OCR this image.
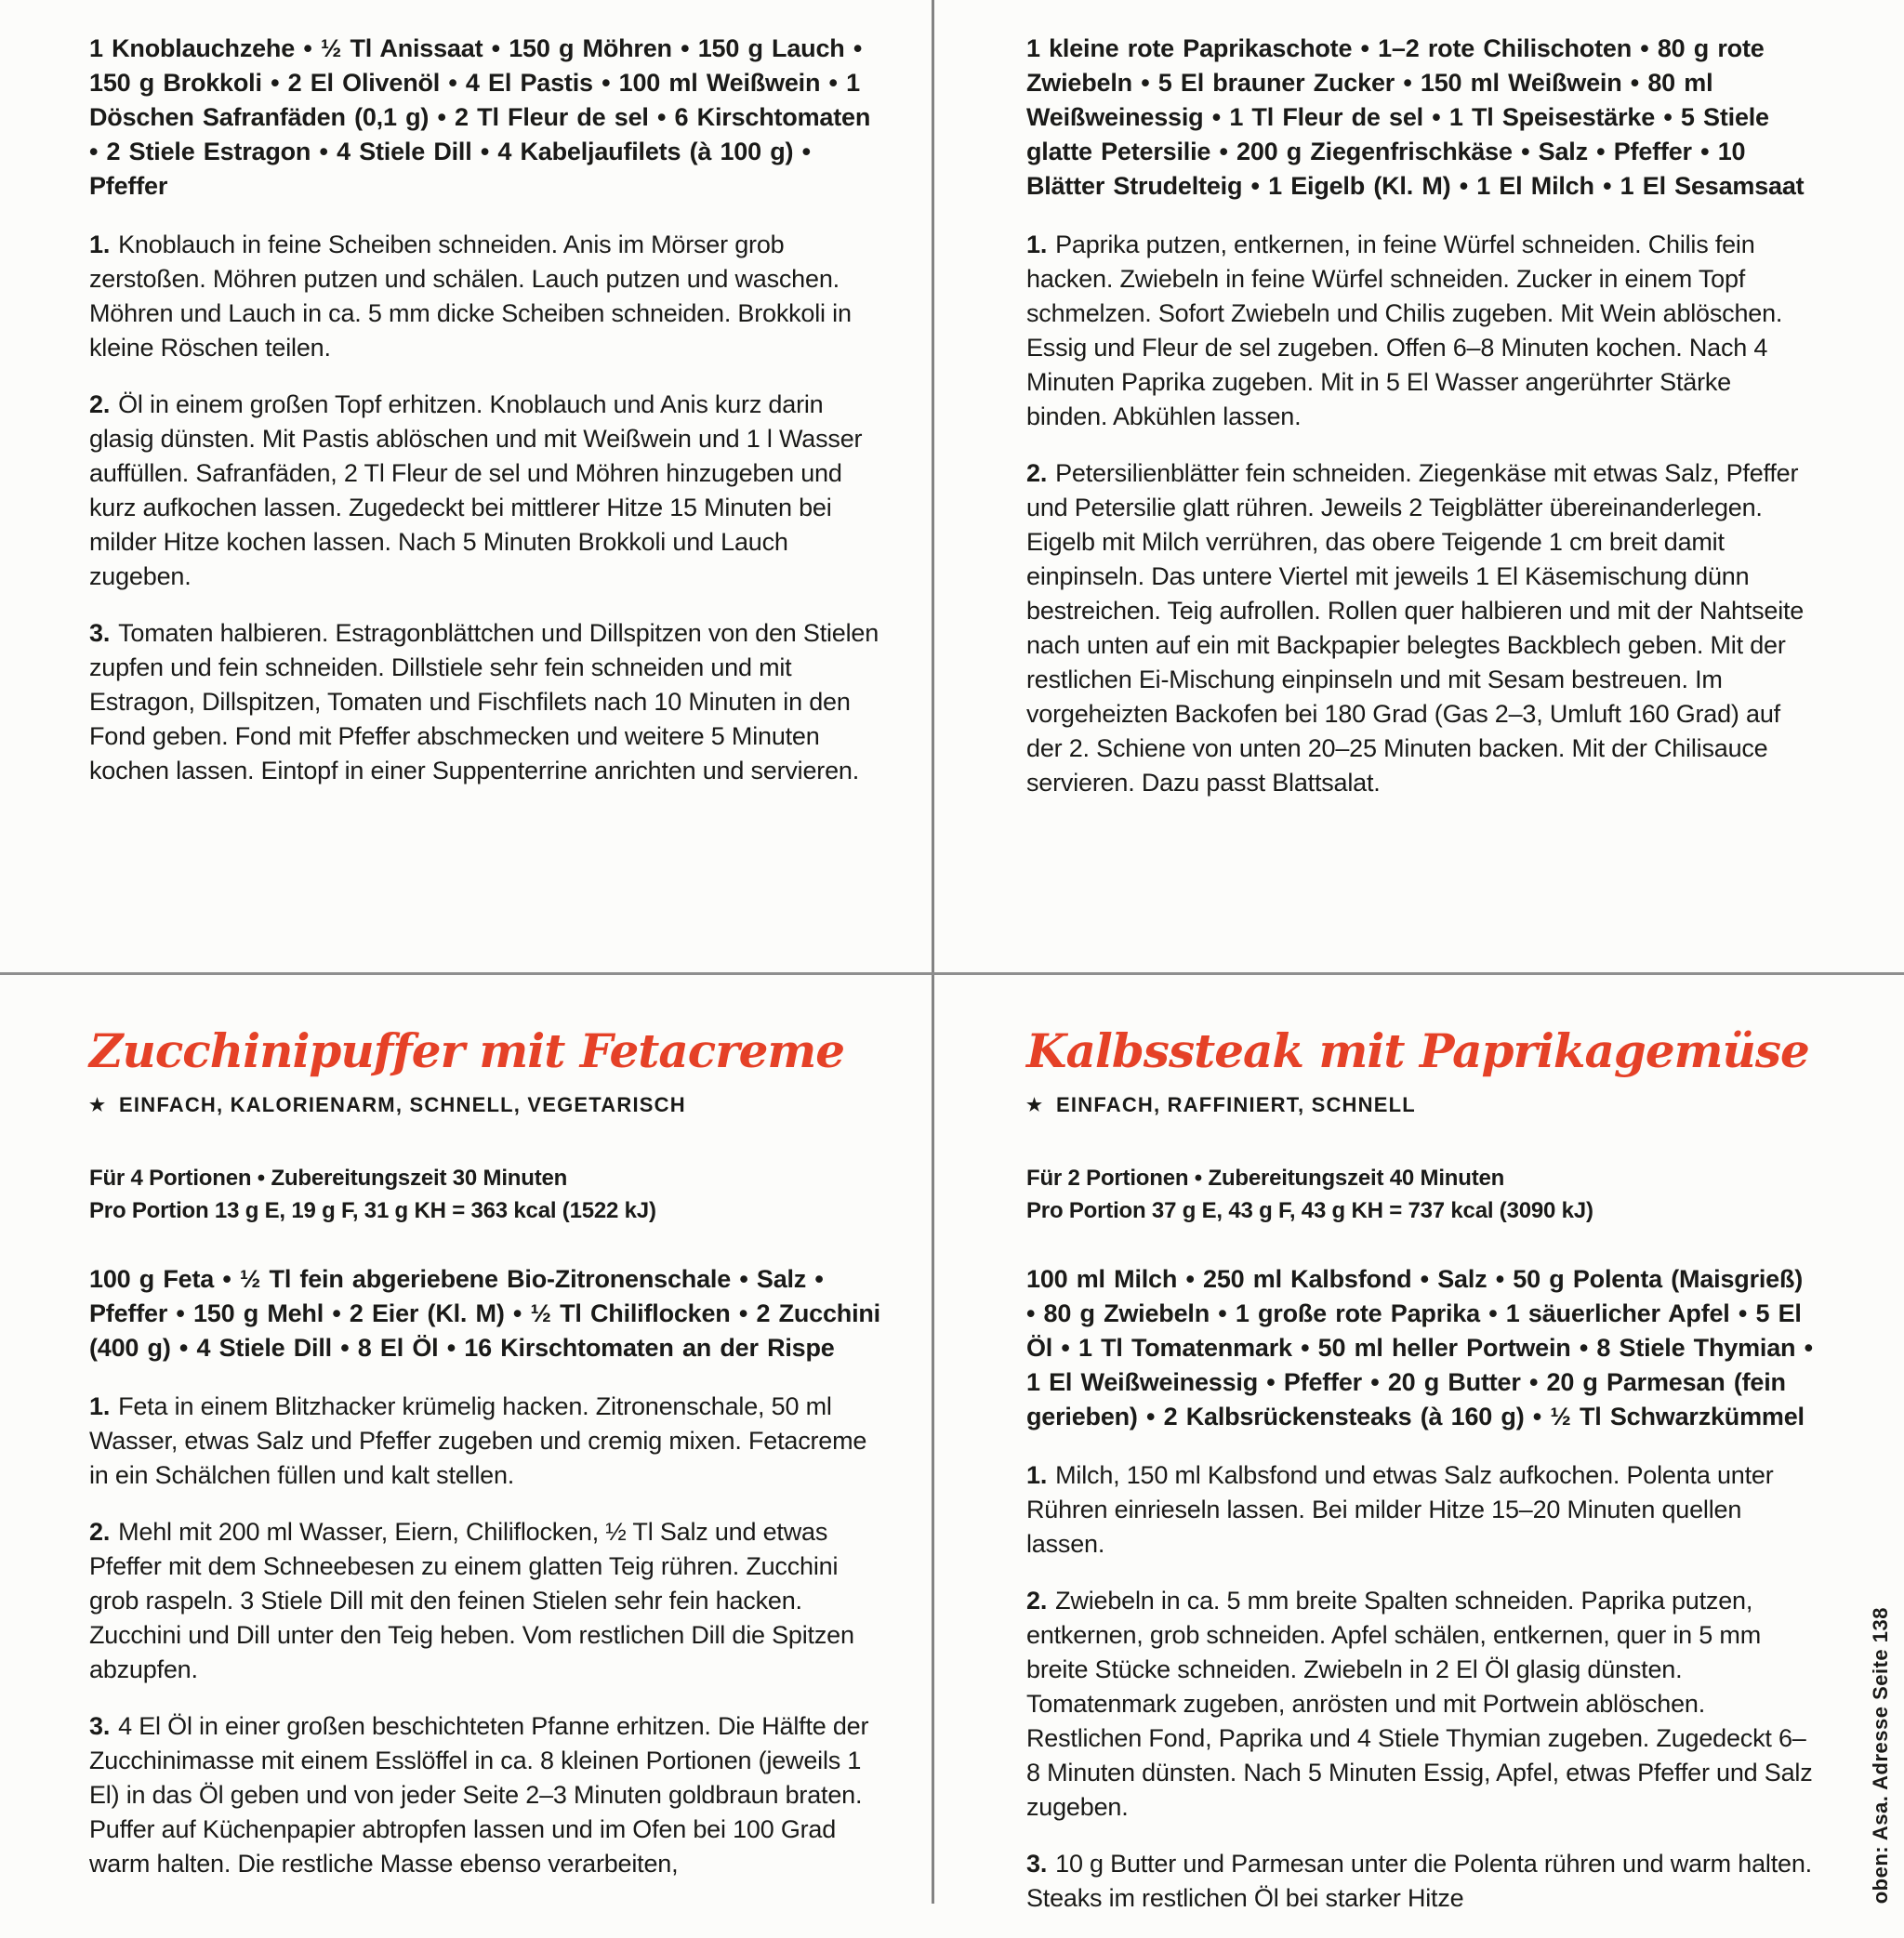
1 Knoblauchzehe • ½ Tl Anissaat • 150 g Möhren • 150 g Lauch • 150 g Brokkoli • 2 El Olivenöl • 4 El Pastis • 100 ml Weißwein • 1 Döschen Safranfäden (0,1 g) • 2 Tl Fleur de sel • 6 Kirschtomaten • 2 Stiele Estragon • 4 Stiele Dill • 4 Kabeljaufilets (à 100 g) • Pfeffer

1. Knoblauch in feine Scheiben schneiden. Anis im Mörser grob zerstoßen. Möhren putzen und schälen. Lauch putzen und waschen. Möhren und Lauch in ca. 5 mm dicke Scheiben schneiden. Brokkoli in kleine Röschen teilen.

2. Öl in einem großen Topf erhitzen. Knoblauch und Anis kurz darin glasig dünsten. Mit Pastis ablöschen und mit Weißwein und 1 l Wasser auffüllen. Safranfäden, 2 Tl Fleur de sel und Möhren hinzugeben und kurz aufkochen lassen. Zugedeckt bei mittlerer Hitze 15 Minuten bei milder Hitze kochen lassen. Nach 5 Minuten Brokkoli und Lauch zugeben.

3. Tomaten halbieren. Estragonblättchen und Dillspitzen von den Stielen zupfen und fein schneiden. Dillstiele sehr fein schneiden und mit Estragon, Dillspitzen, Tomaten und Fischfilets nach 10 Minuten in den Fond geben. Fond mit Pfeffer abschmecken und weitere 5 Minuten kochen lassen. Eintopf in einer Suppenterrine anrichten und servieren.

1 kleine rote Paprikaschote • 1–2 rote Chilischoten • 80 g rote Zwiebeln • 5 El brauner Zucker • 150 ml Weißwein • 80 ml Weißweinessig • 1 Tl Fleur de sel • 1 Tl Speisestärke • 5 Stiele glatte Petersilie • 200 g Ziegenfrischkäse • Salz • Pfeffer • 10 Blätter Strudelteig • 1 Eigelb (Kl. M) • 1 El Milch • 1 El Sesamsaat

1. Paprika putzen, entkernen, in feine Würfel schneiden. Chilis fein hacken. Zwiebeln in feine Würfel schneiden. Zucker in einem Topf schmelzen. Sofort Zwiebeln und Chilis zugeben. Mit Wein ablöschen. Essig und Fleur de sel zugeben. Offen 6–8 Minuten kochen. Nach 4 Minuten Paprika zugeben. Mit in 5 El Wasser angerührter Stärke binden. Abkühlen lassen.

2. Petersilienblätter fein schneiden. Ziegenkäse mit etwas Salz, Pfeffer und Petersilie glatt rühren. Jeweils 2 Teigblätter übereinanderlegen. Eigelb mit Milch verrühren, das obere Teigende 1 cm breit damit einpinseln. Das untere Viertel mit jeweils 1 El Käsemischung dünn bestreichen. Teig aufrollen. Rollen quer halbieren und mit der Nahtseite nach unten auf ein mit Backpapier belegtes Backblech geben. Mit der restlichen Ei-Mischung einpinseln und mit Sesam bestreuen. Im vorgeheizten Backofen bei 180 Grad (Gas 2–3, Umluft 160 Grad) auf der 2. Schiene von unten 20–25 Minuten backen. Mit der Chilisauce servieren. Dazu passt Blattsalat.

Zucchinipuffer mit Fetacreme
★ EINFACH, KALORIENARM, SCHNELL, VEGETARISCH

Für 4 Portionen • Zubereitungszeit 30 Minuten
Pro Portion 13 g E, 19 g F, 31 g KH = 363 kcal (1522 kJ)

100 g Feta • ½ Tl fein abgeriebene Bio-Zitronenschale • Salz • Pfeffer • 150 g Mehl • 2 Eier (Kl. M) • ½ Tl Chiliflocken • 2 Zucchini (400 g) • 4 Stiele Dill • 8 El Öl • 16 Kirschtomaten an der Rispe

1. Feta in einem Blitzhacker krümelig hacken. Zitronenschale, 50 ml Wasser, etwas Salz und Pfeffer zugeben und cremig mixen. Fetacreme in ein Schälchen füllen und kalt stellen.

2. Mehl mit 200 ml Wasser, Eiern, Chiliflocken, ½ Tl Salz und etwas Pfeffer mit dem Schneebesen zu einem glatten Teig rühren. Zucchini grob raspeln. 3 Stiele Dill mit den feinen Stielen sehr fein hacken. Zucchini und Dill unter den Teig heben. Vom restlichen Dill die Spitzen abzupfen.

3. 4 El Öl in einer großen beschichteten Pfanne erhitzen. Die Hälfte der Zucchinimasse mit einem Esslöffel in ca. 8 kleinen Portionen (jeweils 1 El) in das Öl geben und von jeder Seite 2–3 Minuten goldbraun braten. Puffer auf Küchenpapier abtropfen lassen und im Ofen bei 100 Grad warm halten. Die restliche Masse ebenso verarbeiten,

Kalbssteak mit Paprikagemüse
★ EINFACH, RAFFINIERT, SCHNELL

Für 2 Portionen • Zubereitungszeit 40 Minuten
Pro Portion 37 g E, 43 g F, 43 g KH = 737 kcal (3090 kJ)

100 ml Milch • 250 ml Kalbsfond • Salz • 50 g Polenta (Maisgrieß) • 80 g Zwiebeln • 1 große rote Paprika • 1 säuerlicher Apfel • 5 El Öl • 1 Tl Tomatenmark • 50 ml heller Portwein • 8 Stiele Thymian • 1 El Weißweinessig • Pfeffer • 20 g Butter • 20 g Parmesan (fein gerieben) • 2 Kalbsrückensteaks (à 160 g) • ½ Tl Schwarzkümmel

1. Milch, 150 ml Kalbsfond und etwas Salz aufkochen. Polenta unter Rühren einrieseln lassen. Bei milder Hitze 15–20 Minuten quellen lassen.

2. Zwiebeln in ca. 5 mm breite Spalten schneiden. Paprika putzen, entkernen, grob schneiden. Apfel schälen, entkernen, quer in 5 mm breite Stücke schneiden. Zwiebeln in 2 El Öl glasig dünsten. Tomatenmark zugeben, anrösten und mit Portwein ablöschen. Restlichen Fond, Paprika und 4 Stiele Thymian zugeben. Zugedeckt 6–8 Minuten dünsten. Nach 5 Minuten Essig, Apfel, etwas Pfeffer und Salz zugeben.

3. 10 g Butter und Parmesan unter die Polenta rühren und warm halten. Steaks im restlichen Öl bei starker Hitze	oben: Asa. Adresse Seite 138
